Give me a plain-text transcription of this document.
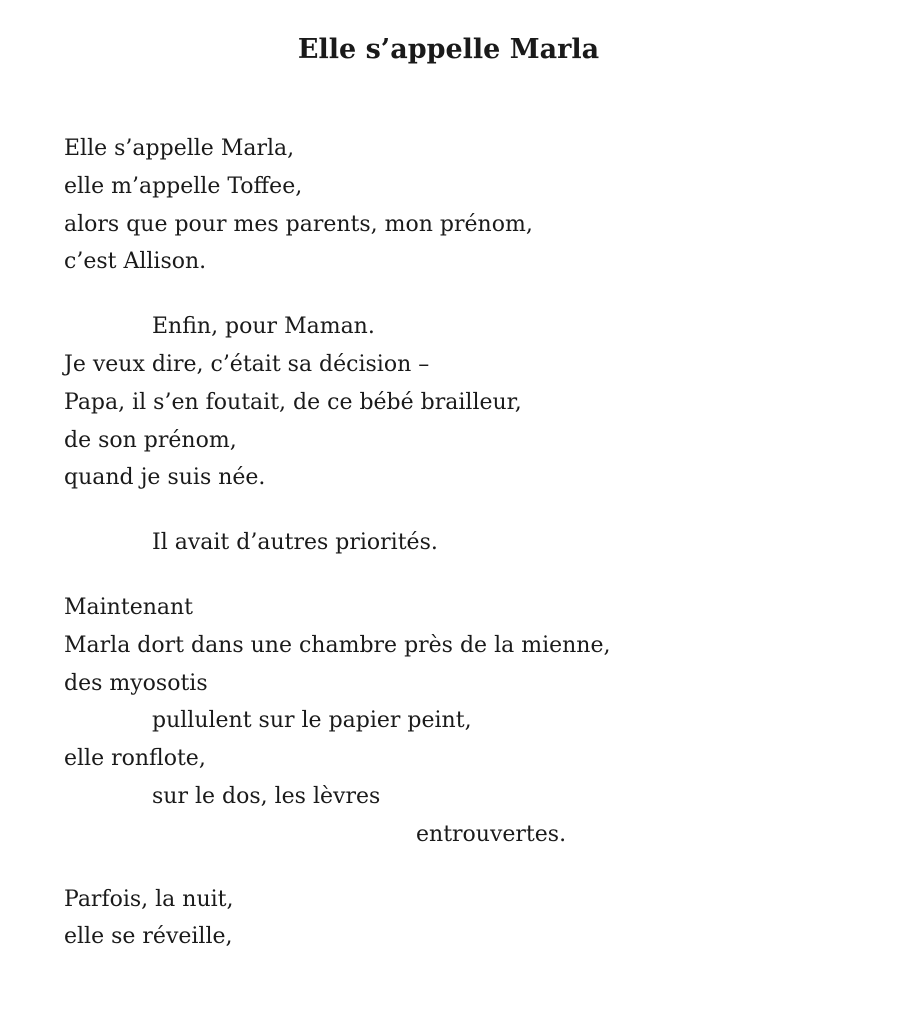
Elle s’appelle Marla
Elle s’appelle Marla,
elle m’appelle Toffee,
alors que pour mes parents, mon prénom,
c’est Allison.
Enfin, pour Maman.
Je veux dire, c’était sa décision –
Papa, il s’en foutait, de ce bébé brailleur,
de son prénom,
quand je suis née.
Il avait d’autres priorités.
Maintenant
Marla dort dans une chambre près de la mienne,
des myosotis
pullulent sur le papier peint,
elle ronflote,
sur le dos, les lèvres
entrouvertes.
Parfois, la nuit,
elle se réveille,
